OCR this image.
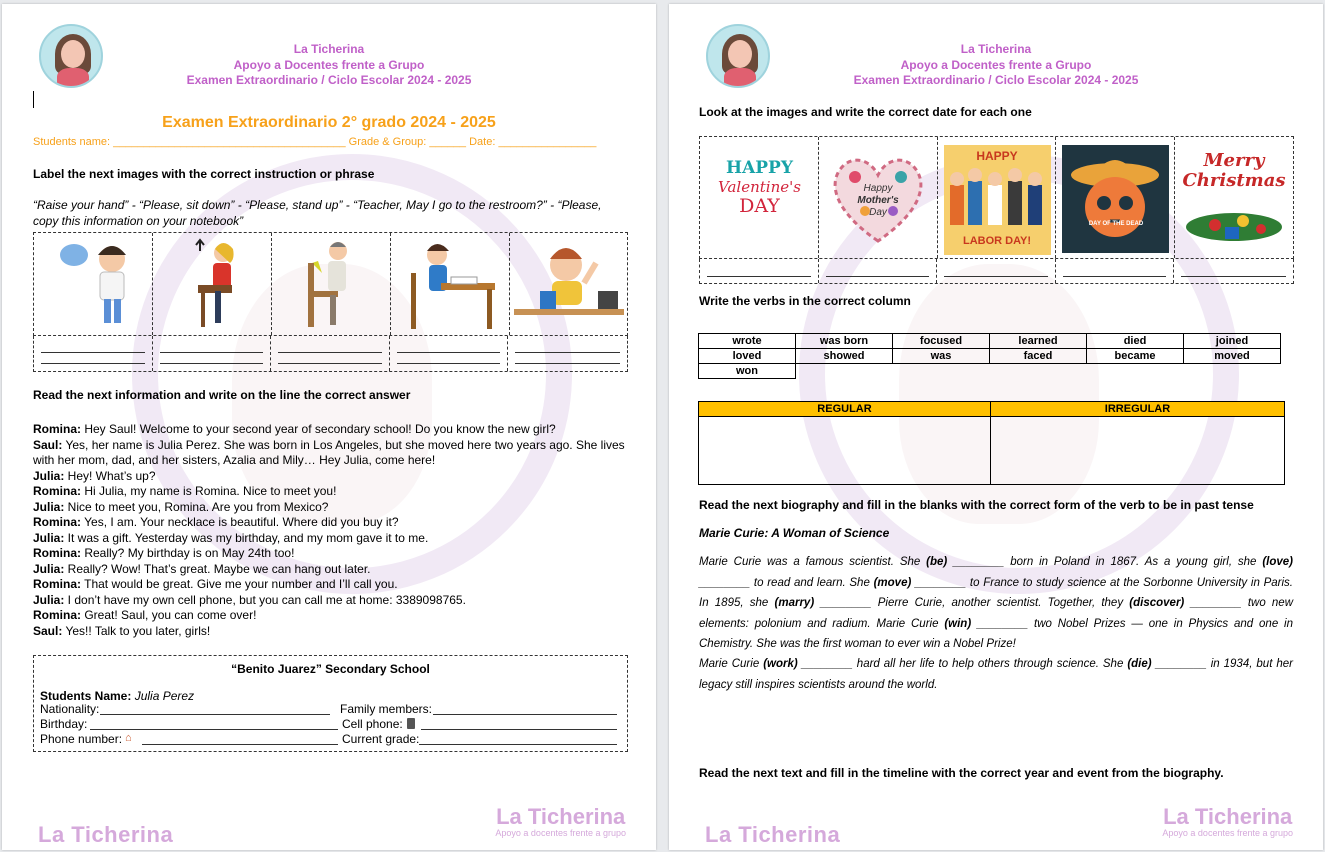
La Ticherina
Apoyo a Docentes frente a Grupo
Examen Extraordinario / Ciclo Escolar 2024 - 2025
Examen Extraordinario 2° grado 2024 - 2025
Students name: ______________________________________ Grade & Group: ______ Date: ________________
Label the next images with the correct instruction or phrase
“Raise your hand” - “Please, sit down” - “Please, stand up” - “Teacher, May I go to the restroom?” - “Please, copy this information on your notebook”
Read the next information and write on the line the correct answer
Romina: Hey Saul! Welcome to your second year of secondary school! Do you know the new girl?
Saul: Yes, her name is Julia Perez. She was born in Los Angeles, but she moved here two years ago. She lives with her mom, dad, and her sisters, Azalia and Mily… Hey Julia, come here!
Julia: Hey! What’s up?
Romina: Hi Julia, my name is Romina. Nice to meet you!
Julia: Nice to meet you, Romina. Are you from Mexico?
Romina: Yes, I am. Your necklace is beautiful. Where did you buy it?
Julia: It was a gift. Yesterday was my birthday, and my mom gave it to me.
Romina: Really? My birthday is on May 24th too!
Julia: Really? Wow! That’s great. Maybe we can hang out later.
Romina: That would be great. Give me your number and I’ll call you.
Julia: I don’t have my own cell phone, but you can call me at home: 3389098765.
Romina: Great! Saul, you can come over!
Saul: Yes!! Talk to you later, girls!
“Benito Juarez” Secondary School
Students Name: Julia Perez
Nationality:	Family members:
Birthday:	Cell phone:
Phone number: ⌂	Current grade:
La Ticherina
La Ticherina
Apoyo a docentes frente a grupo
La Ticherina
Apoyo a Docentes frente a Grupo
Examen Extraordinario / Ciclo Escolar 2024 - 2025
Look at the images and write the correct date for each one
HAPPY
Valentine's
DAY
Happy
Mother's
Day
HAPPY
LABOR DAY!
DAY OF THE DEAD
Merry
Christmas
Write the verbs in the correct column
wrote	was born	focused	learned	died	joined
loved	showed	was	faced	became	moved
won					
REGULAR	IRREGULAR
Read the next biography and fill in the blanks with the correct form of the verb to be in past tense
Marie Curie: A Woman of Science
Marie Curie was a famous scientist. She (be) ________ born in Poland in 1867. As a young girl, she (love) ________ to read and learn. She (move) ________ to France to study science at the Sorbonne University in Paris. In 1895, she (marry) ________ Pierre Curie, another scientist. Together, they (discover) ________ two new elements: polonium and radium. Marie Curie (win) ________ two Nobel Prizes — one in Physics and one in Chemistry. She was the first woman to ever win a Nobel Prize!
Marie Curie (work) ________ hard all her life to help others through science. She (die) ________ in 1934, but her legacy still inspires scientists around the world.
Read the next text and fill in the timeline with the correct year and event from the biography.
La Ticherina
La Ticherina
Apoyo a docentes frente a grupo
